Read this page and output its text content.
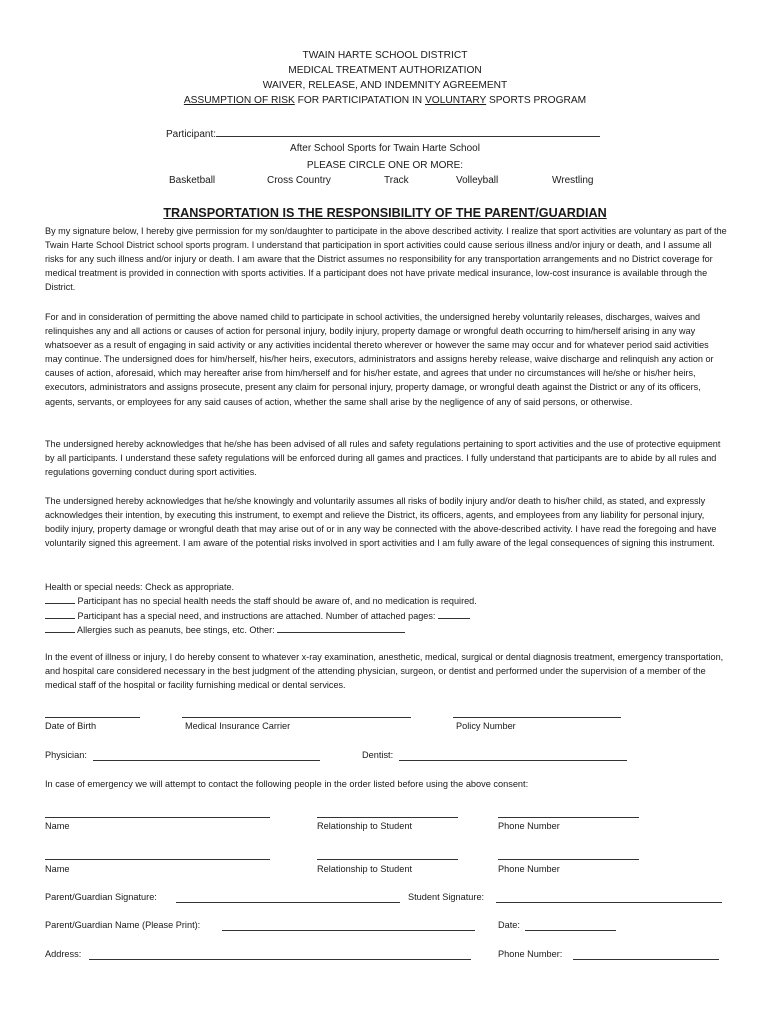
TWAIN HARTE SCHOOL DISTRICT
MEDICAL TREATMENT AUTHORIZATION
WAIVER, RELEASE, AND INDEMNITY AGREEMENT
ASSUMPTION OF RISK FOR PARTICIPATATION IN VOLUNTARY SPORTS PROGRAM
Participant:
After School Sports for Twain Harte School
PLEASE CIRCLE ONE OR MORE:
Basketball	Cross Country	Track	Volleyball	Wrestling
TRANSPORTATION IS THE RESPONSIBILITY OF THE PARENT/GUARDIAN
By my signature below, I hereby give permission for my son/daughter to participate in the above described activity. I realize that sport activities are voluntary as part of the Twain Harte School District school sports program. I understand that participation in sport activities could cause serious illness and/or injury or death, and I assume all risks for any such illness and/or injury or death. I am aware that the District assumes no responsibility for any transportation arrangements and no District coverage for medical treatment is provided in connection with sports activities. If a participant does not have private medical insurance, low-cost insurance is available through the District.
For and in consideration of permitting the above named child to participate in school activities, the undersigned hereby voluntarily releases, discharges, waives and relinquishes any and all actions or causes of action for personal injury, bodily injury, property damage or wrongful death occurring to him/herself arising in any way whatsoever as a result of engaging in said activity or any activities incidental thereto wherever or however the same may occur and for whatever period said activities may continue. The undersigned does for him/herself, his/her heirs, executors, administrators and assigns hereby release, waive discharge and relinquish any action or causes of action, aforesaid, which may hereafter arise from him/herself and for his/her estate, and agrees that under no circumstances will he/she or his/her heirs, executors, administrators and assigns prosecute, present any claim for personal injury, property damage, or wrongful death against the District or any of its officers, agents, servants, or employees for any said causes of action, whether the same shall arise by the negligence of any of said persons, or otherwise.
The undersigned hereby acknowledges that he/she has been advised of all rules and safety regulations pertaining to sport activities and the use of protective equipment by all participants. I understand these safety regulations will be enforced during all games and practices. I fully understand that participants are to abide by all rules and regulations governing conduct during sport activities.
The undersigned hereby acknowledges that he/she knowingly and voluntarily assumes all risks of bodily injury and/or death to his/her child, as stated, and expressly acknowledges their intention, by executing this instrument, to exempt and relieve the District, its officers, agents, and employees from any liability for personal injury, bodily injury, property damage or wrongful death that may arise out of or in any way be connected with the above-described activity. I have read the foregoing and have voluntarily signed this agreement. I am aware of the potential risks involved in sport activities and I am fully aware of the legal consequences of signing this instrument.
Health or special needs: Check as appropriate.
Participant has no special health needs the staff should be aware of, and no medication is required.
Participant has a special need, and instructions are attached. Number of attached pages:
Allergies such as peanuts, bee stings, etc. Other:
In the event of illness or injury, I do hereby consent to whatever x-ray examination, anesthetic, medical, surgical or dental diagnosis treatment, emergency transportation, and hospital care considered necessary in the best judgment of the attending physician, surgeon, or dentist and performed under the supervision of a member of the medical staff of the hospital or facility furnishing medical or dental services.
Date of Birth	Medical Insurance Carrier	Policy Number
Physician:	Dentist:
In case of emergency we will attempt to contact the following people in the order listed before using the above consent:
Name	Relationship to Student	Phone Number
Name	Relationship to Student	Phone Number
Parent/Guardian Signature:	Student Signature:
Parent/Guardian Name (Please Print):	Date:
Address:	Phone Number:
